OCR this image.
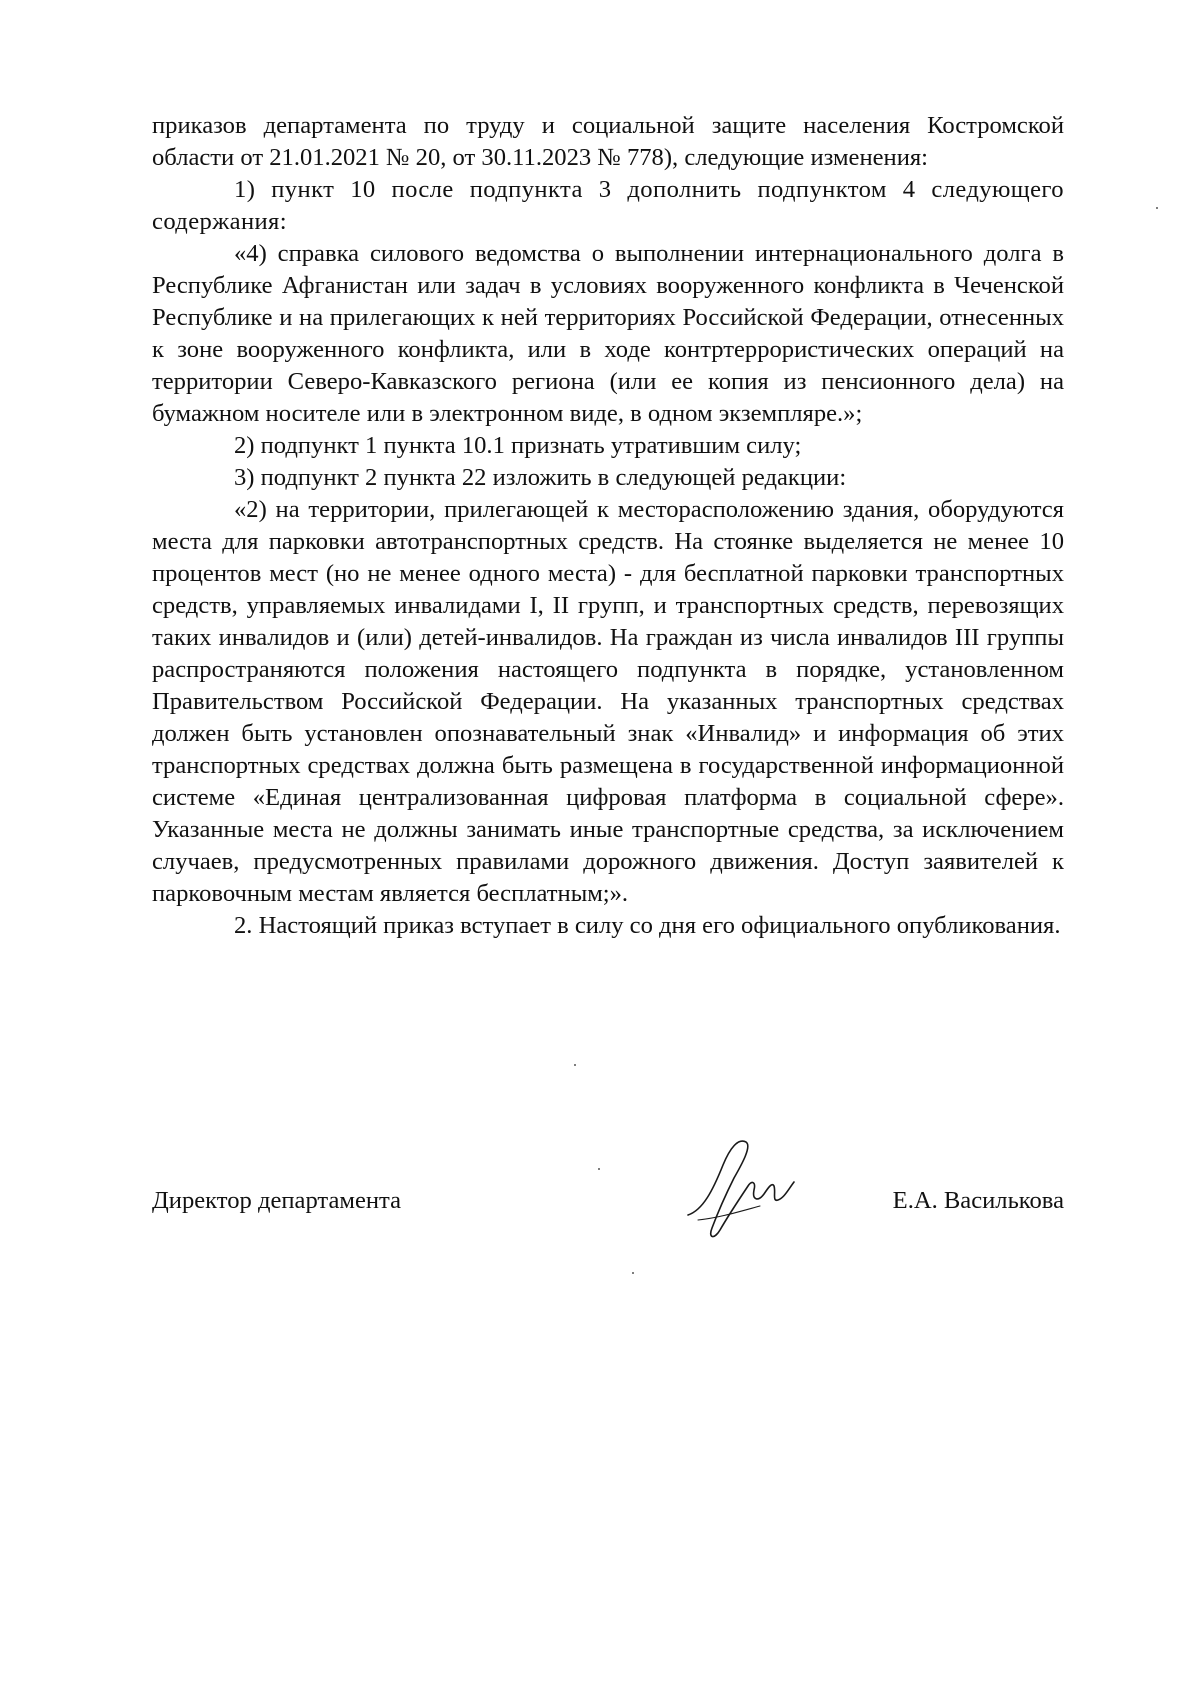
приказов департамента по труду и социальной защите населения Костромской области от 21.01.2021 № 20, от 30.11.2023 № 778), следующие изменения:

1) пункт 10 после подпункта 3 дополнить подпунктом 4 следующего содержания:

«4) справка силового ведомства о выполнении интернационального долга в Республике Афганистан или задач в условиях вооруженного конфликта в Чеченской Республике и на прилегающих к ней территориях Российской Федерации, отнесенных к зоне вооруженного конфликта, или в ходе контртеррористических операций на территории Северо-Кавказского региона (или ее копия из пенсионного дела) на бумажном носителе или в электронном виде, в одном экземпляре.»;

2) подпункт 1 пункта 10.1 признать утратившим силу;

3) подпункт 2 пункта 22 изложить в следующей редакции:

«2) на территории, прилегающей к месторасположению здания, оборудуются места для парковки автотранспортных средств. На стоянке выделяется не менее 10 процентов мест (но не менее одного места) - для бесплатной парковки транспортных средств, управляемых инвалидами I, II групп, и транспортных средств, перевозящих таких инвалидов и (или) детей-инвалидов. На граждан из числа инвалидов III группы распространяются положения настоящего подпункта в порядке, установленном Правительством Российской Федерации. На указанных транспортных средствах должен быть установлен опознавательный знак «Инвалид» и информация об этих транспортных средствах должна быть размещена в государственной информационной системе «Единая централизованная цифровая платформа в социальной сфере». Указанные места не должны занимать иные транспортные средства, за исключением случаев, предусмотренных правилами дорожного движения. Доступ заявителей к парковочным местам является бесплатным;».

2. Настоящий приказ вступает в силу со дня его официального опубликования.

Директор департамента	Е.А. Василькова
